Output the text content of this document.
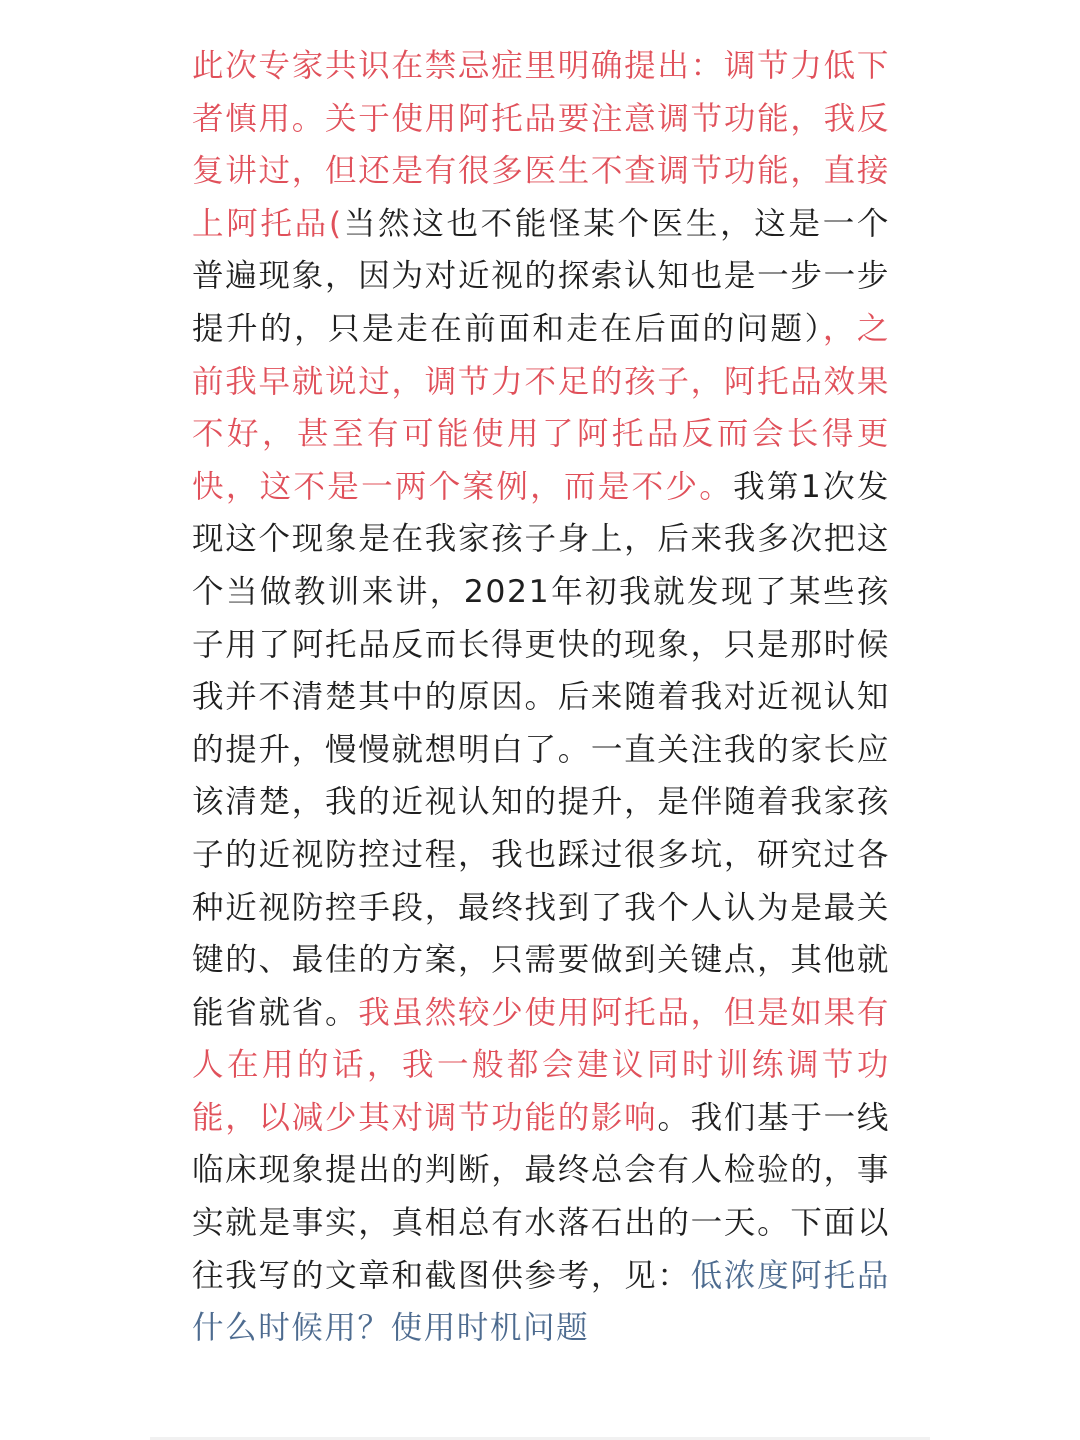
此次专家共识在禁忌症里明确提出：调节力低下者慎用。关于使用阿托品要注意调节功能，我反复讲过，但还是有很多医生不查调节功能，直接上阿托品(当然这也不能怪某个医生，这是一个普遍现象，因为对近视的探索认知也是一步一步提升的，只是走在前面和走在后面的问题），之前我早就说过，调节力不足的孩子，阿托品效果不好，甚至有可能使用了阿托品反而会长得更快，这不是一两个案例，而是不少。我第1次发现这个现象是在我家孩子身上，后来我多次把这个当做教训来讲，2021年初我就发现了某些孩子用了阿托品反而长得更快的现象，只是那时候我并不清楚其中的原因。后来随着我对近视认知的提升，慢慢就想明白了。一直关注我的家长应该清楚，我的近视认知的提升，是伴随着我家孩子的近视防控过程，我也踩过很多坑，研究过各种近视防控手段，最终找到了我个人认为是最关键的、最佳的方案，只需要做到关键点，其他就能省就省。我虽然较少使用阿托品，但是如果有人在用的话，我一般都会建议同时训练调节功能，以减少其对调节功能的影响。我们基于一线临床现象提出的判断，最终总会有人检验的，事实就是事实，真相总有水落石出的一天。下面以往我写的文章和截图供参考，见：低浓度阿托品什么时候用？使用时机问题
